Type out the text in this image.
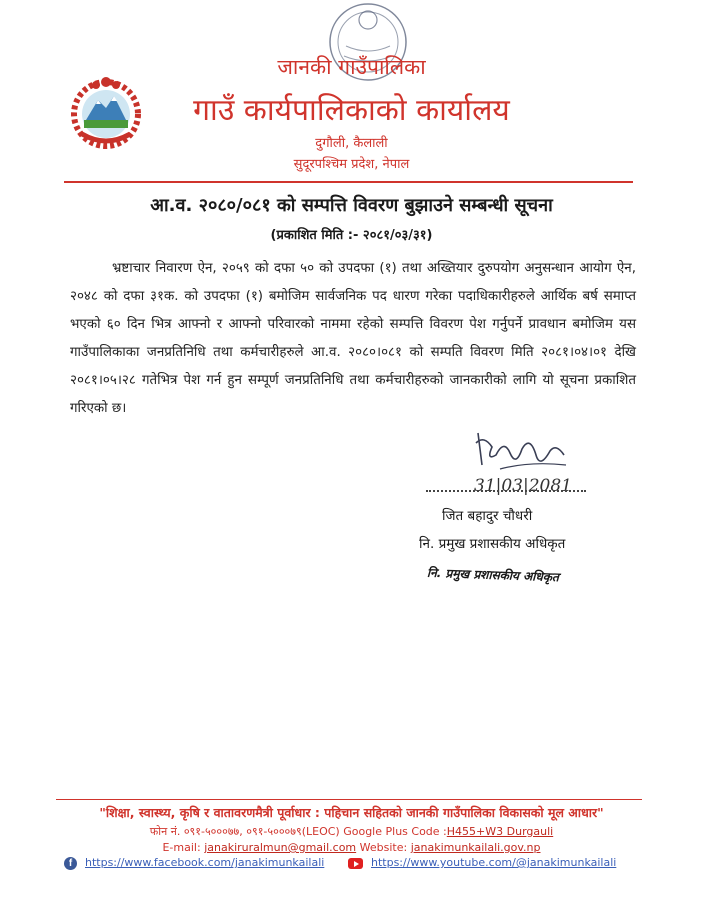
जानकी गाउँपालिका
गाउँ कार्यपालिकाको कार्यालय
दुगौली, कैलाली
सुदूरपश्चिम प्रदेश, नेपाल
आ.व. २०८०/०८१ को सम्पत्ति विवरण बुझाउने सम्बन्धी सूचना
(प्रकाशित मिति :- २०८१/०३/३१)
भ्रष्टाचार निवारण ऐन, २०५९ को दफा ५० को उपदफा (१) तथा अख्तियार दुरुपयोग अनुसन्धान आयोग ऐन, २०४८ को दफा ३१क. को उपदफा (१) बमोजिम सार्वजनिक पद धारण गरेका पदाधिकारीहरुले आर्थिक बर्ष समाप्त भएको ६० दिन भित्र आफ्नो र आफ्नो परिवारको नाममा रहेको सम्पत्ति विवरण पेश गर्नुपर्ने प्रावधान बमोजिम यस गाउँपालिकाका जनप्रतिनिधि तथा कर्मचारीहरुले आ.व. २०८०।०८१ को सम्पति विवरण मिति २०८१।०४।०१ देखि २०८१।०५।२८ गतेभित्र पेश गर्न हुन सम्पूर्ण जनप्रतिनिधि तथा कर्मचारीहरुको जानकारीको लागि यो सूचना प्रकाशित गरिएको छ।
31|03|2081
जित बहादुर चौधरी
नि. प्रमुख प्रशासकीय अधिकृत
नि. प्रमुख प्रशासकीय अधिकृत
"शिक्षा, स्वास्थ्य, कृषि र वातावरणमैत्री पूर्वाधार : पहिचान सहितको जानकी गाउँपालिका विकासको मूल आधार"
फोन नं. ०९१-५०००७७, ०९१-५०००७९(LEOC) Google Plus Code :H455+W3 Durgauli
E-mail: janakiruralmun@gmail.com Website: janakimunkailali.gov.np
f	https://www.facebook.com/janakimunkailali	https://www.youtube.com/@janakimunkailali
